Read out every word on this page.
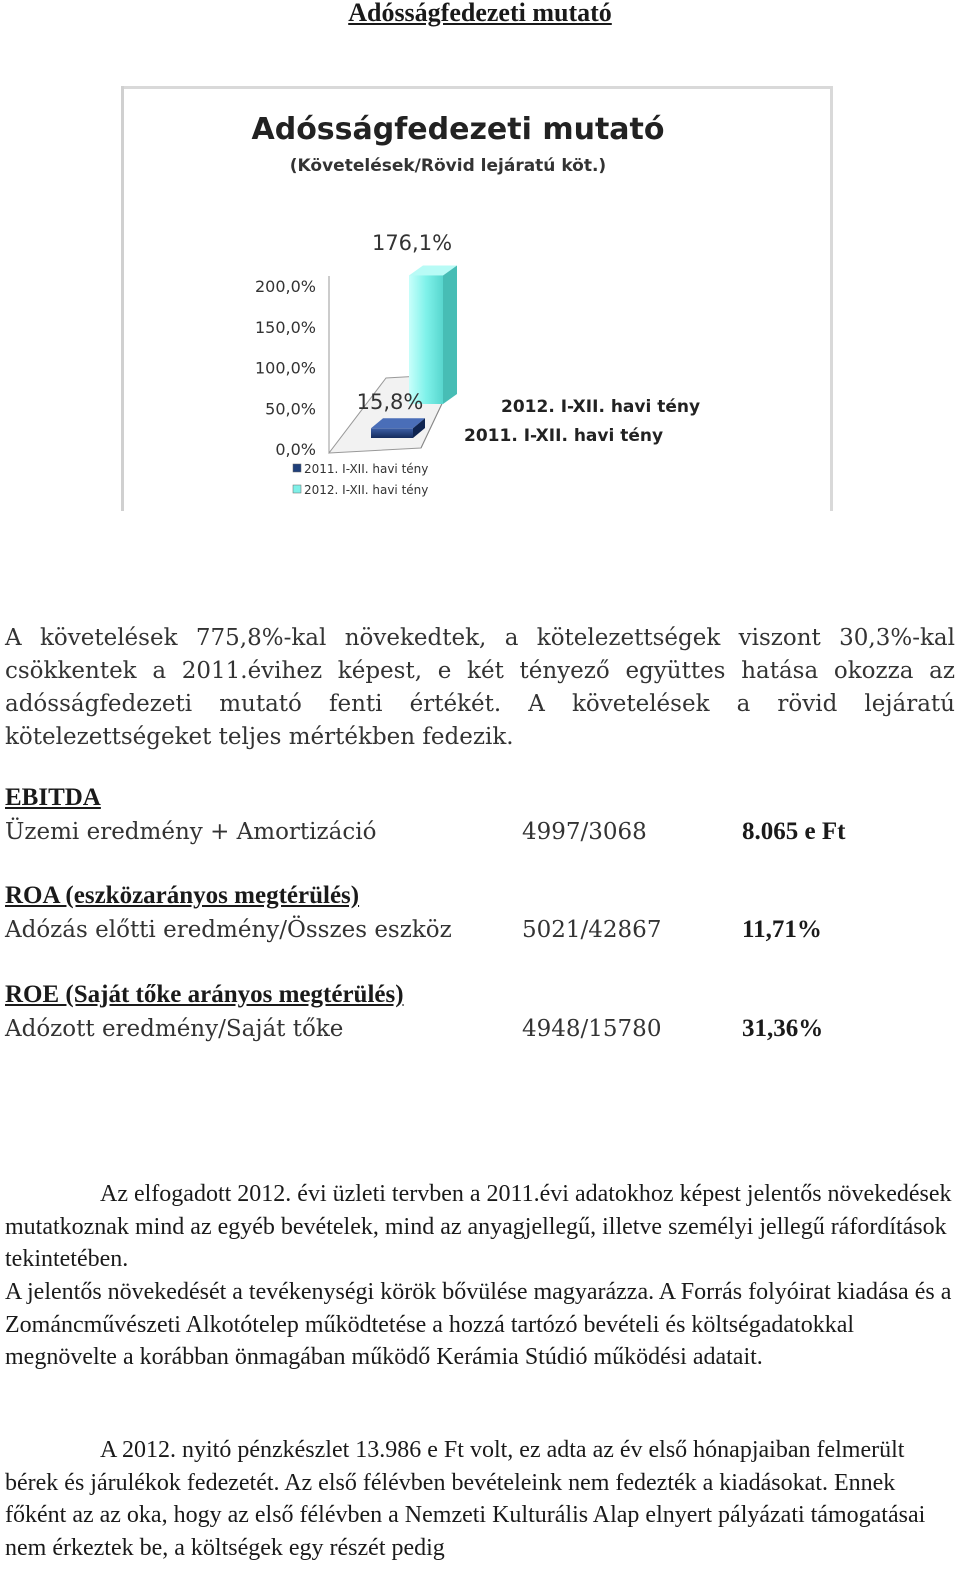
Adósságfedezeti mutató
Adósságfedezeti mutató
(Követelések/Rövid lejáratú köt.)
0,0%
50,0%
100,0%
150,0%
200,0%
176,1%
15,8%	2012. I-XII. havi tény
2011. I-XII. havi tény
2011. I-XII. havi tény
2012. I-XII. havi tény
A követelések 775,8%-kal növekedtek, a kötelezettségek viszont 30,3%-kal csökkentek a 2011.évihez képest, e két tényező együttes hatása okozza az adósságfedezeti mutató fenti értékét. A követelések a rövid lejáratú kötelezettségeket teljes mértékben fedezik.
EBITDA
Üzemi eredmény + Amortizáció	4997/3068	8.065 e Ft
ROA (eszközarányos megtérülés)
Adózás előtti eredmény/Összes eszköz	5021/42867	11,71%
ROE (Saját tőke arányos megtérülés)
Adózott eredmény/Saját tőke	4948/15780	31,36%
Az elfogadott 2012. évi üzleti tervben a 2011.évi adatokhoz képest jelentős növekedések mutatkoznak mind az egyéb bevételek, mind az anyagjellegű, illetve személyi jellegű ráfordítások tekintetében.
A jelentős növekedését a tevékenységi körök bővülése magyarázza. A Forrás folyóirat kiadása és a Zománcművészeti Alkotótelep működtetése a hozzá tartózó bevételi és költségadatokkal megnövelte a korábban önmagában működő Kerámia Stúdió működési adatait.
A 2012. nyitó pénzkészlet 13.986 e Ft volt, ez adta az év első hónapjaiban felmerült bérek és járulékok fedezetét. Az első félévben bevételeink nem fedezték a kiadásokat. Ennek főként az az oka, hogy az első félévben a Nemzeti Kulturális Alap elnyert pályázati támogatásai nem érkeztek be, a költségek egy részét pedig
